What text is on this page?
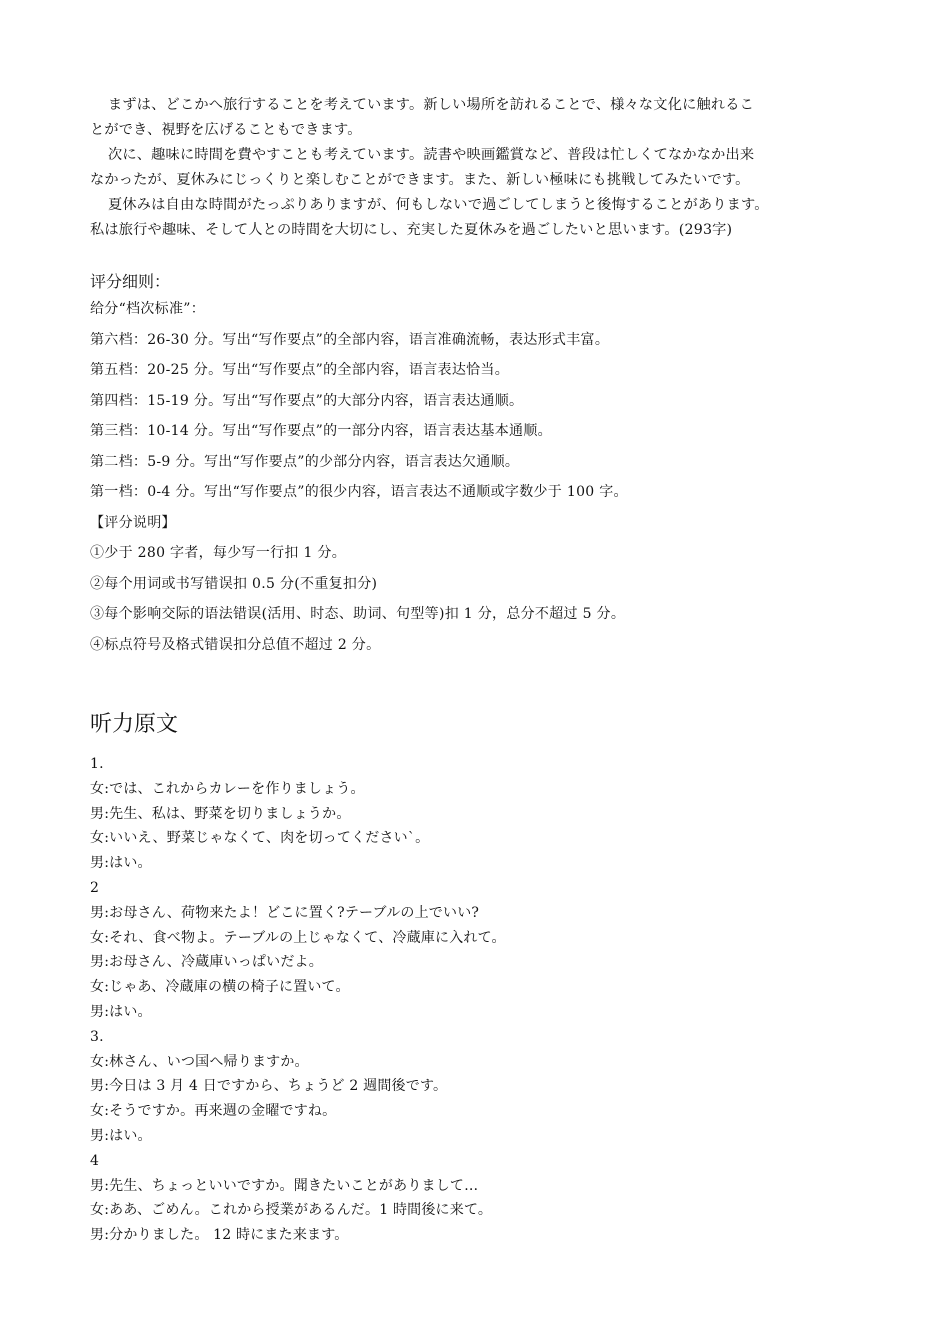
まずは、どこかへ旅行することを考えています。新しい場所を訪れることで、様々な文化に触れるこ

とができ、視野を広げることもできます。

次に、趣味に時間を費やすことも考えています。読書や映画鑑賞など、普段は忙しくてなかなか出来

なかったが、夏休みにじっくりと楽しむことができます。また、新しい極味にも挑戦してみたいです。

夏休みは自由な時間がたっぷりありますが、何もしないで過ごしてしまうと後悔することがあります。

私は旅行や趣味、そして人との時間を大切にし、充実した夏休みを過ごしたいと思います。(293字)

评分细则：
给分“档次标准”：
第六档：26-30 分。写出“写作要点”的全部内容，语言准确流畅，表达形式丰富。
第五档：20-25 分。写出“写作要点”的全部内容，语言表达恰当。
第四档：15-19 分。写出“写作要点”的大部分内容，语言表达通顺。
第三档：10-14 分。写出“写作要点”的一部分内容，语言表达基本通顺。
第二档：5-9 分。写出“写作要点”的少部分内容，语言表达欠通顺。
第一档：0-4 分。写出“写作要点”的很少内容，语言表达不通顺或字数少于 100 字。
【评分说明】
①少于 280 字者，每少写一行扣 1 分。
②每个用词或书写错误扣 0.5 分(不重复扣分)
③每个影响交际的语法错误(活用、时态、助词、句型等)扣 1 分，总分不超过 5 分。
④标点符号及格式错误扣分总值不超过 2 分。
听力原文
1.
女:では、これからカレーを作りましょう。
男:先生、私は、野菜を切りましょうか。
女:いいえ、野菜じゃなくて、肉を切ってくださいˋ。
男:はい。
2
男:お母さん、荷物来たよ！どこに置く?テーブルの上でいい?
女:それ、食べ物よ。テーブルの上じゃなくて、冷蔵庫に入れて。
男:お母さん、冷蔵庫いっぱいだよ。
女:じゃあ、冷蔵庫の横の椅子に置いて。
男:はい。
3.
女:林さん、いつ国へ帰りますか。
男:今日は 3 月 4 日ですから、ちょうど 2 週間後です。
女:そうですか。再来週の金曜ですね。
男:はい。
4
男:先生、ちょっといいですか。聞きたいことがありまして…
女:ああ、ごめん。これから授業があるんだ。1 時間後に来て。
男:分かりました。 12 時にまた来ます。
